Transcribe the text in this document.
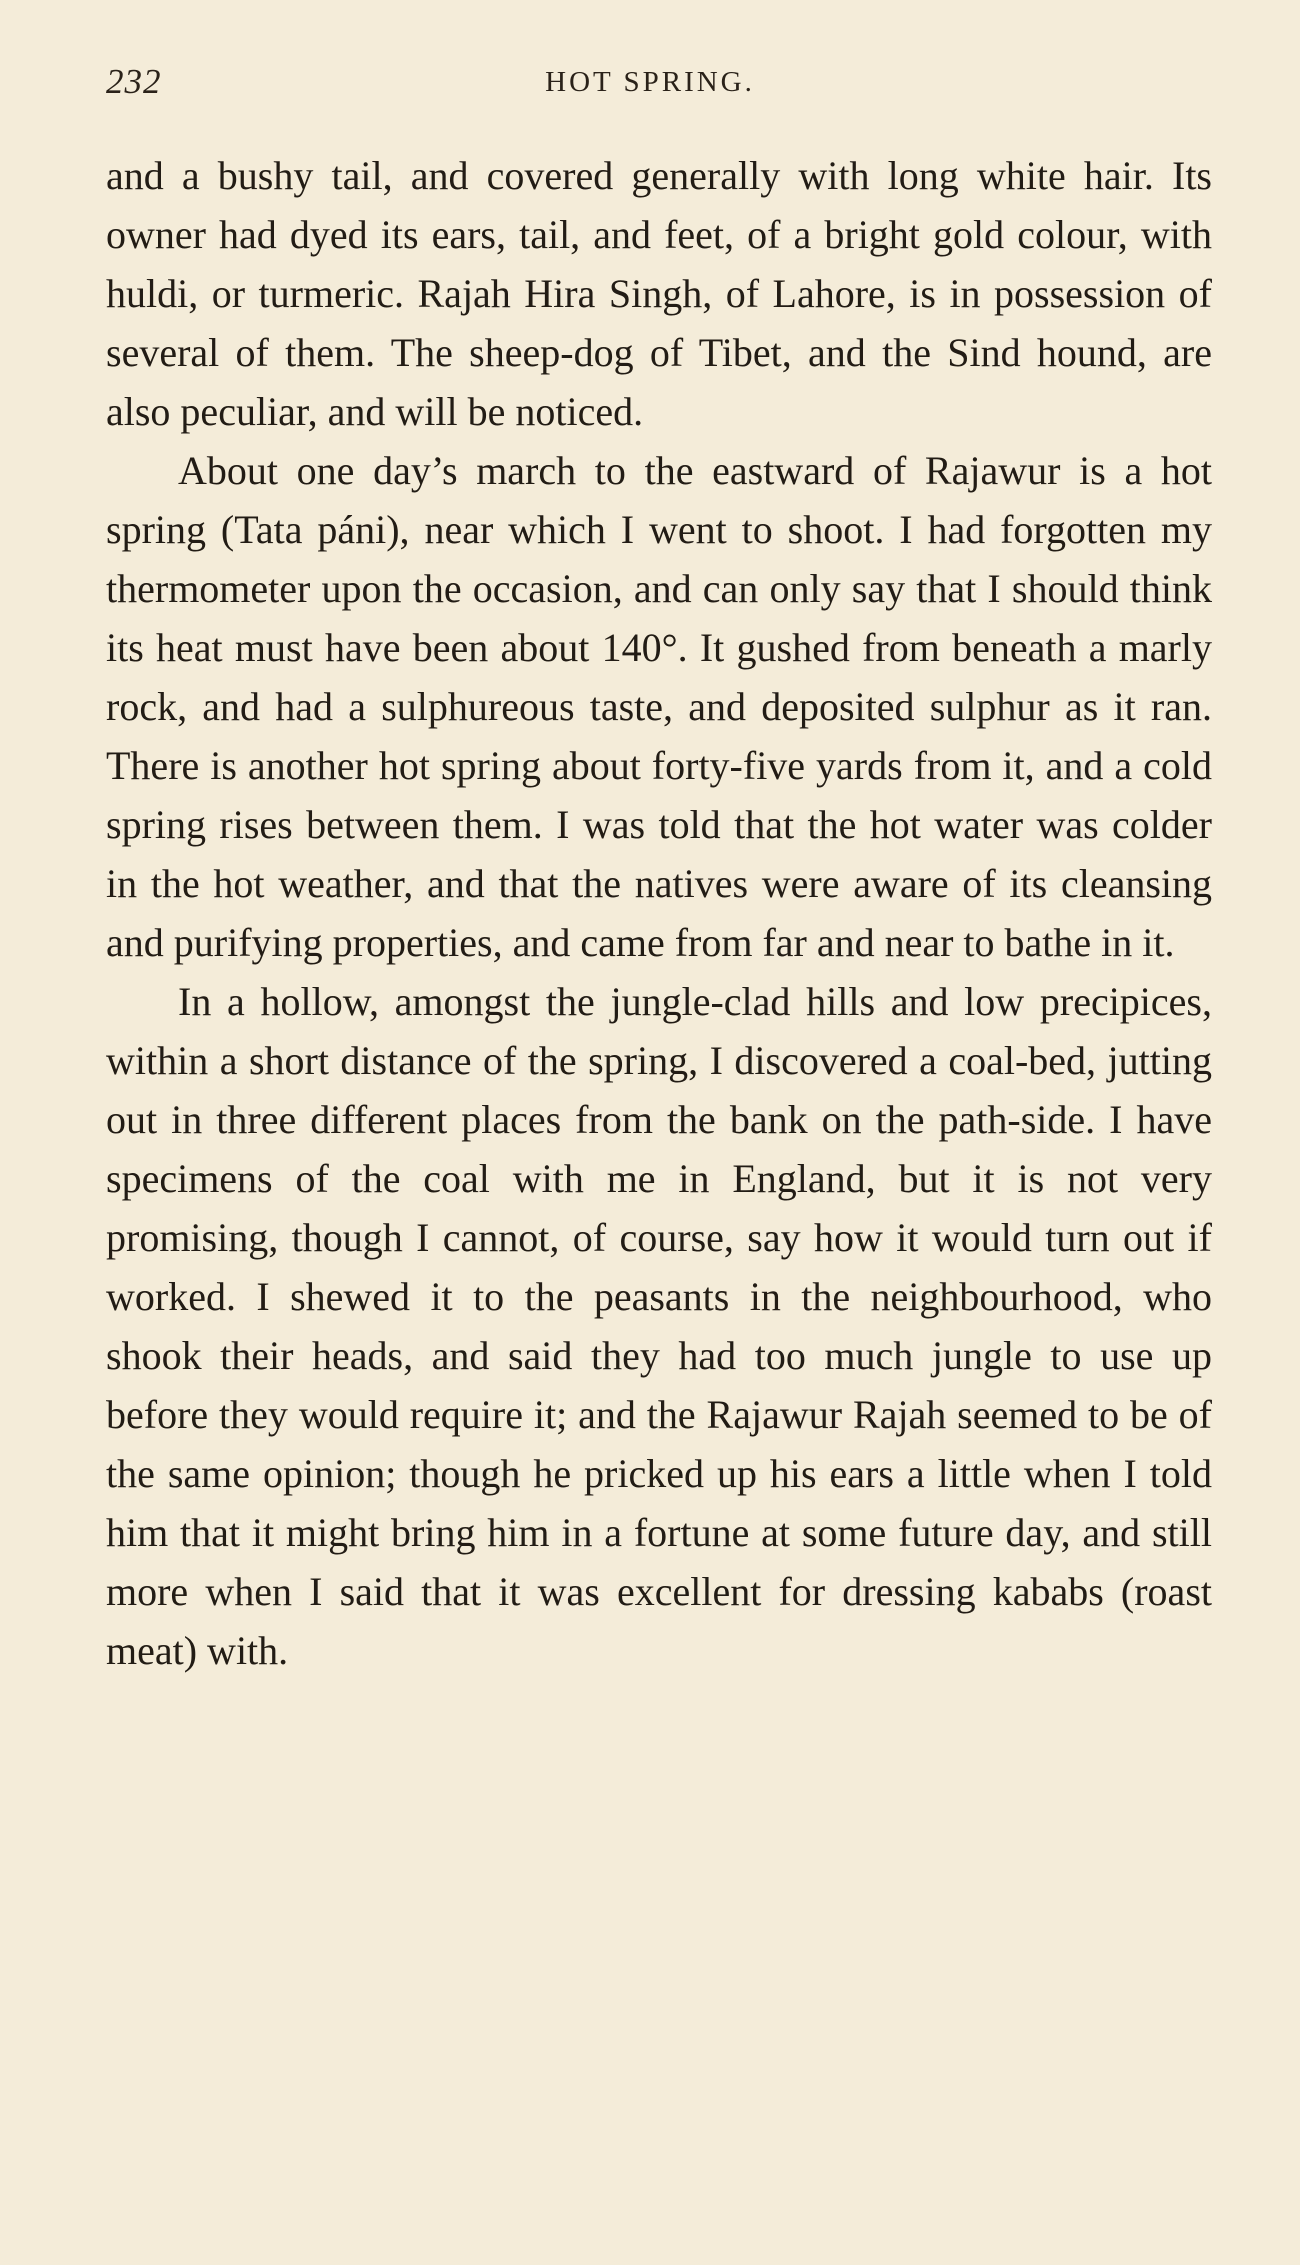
232	HOT SPRING.

and a bushy tail, and covered generally with long white hair. Its owner had dyed its ears, tail, and feet, of a bright gold colour, with huldi, or turmeric. Rajah Hira Singh, of Lahore, is in possession of several of them. The sheep-dog of Tibet, and the Sind hound, are also peculiar, and will be noticed.

About one day’s march to the eastward of Rajawur is a hot spring (Tata páni), near which I went to shoot. I had forgotten my thermometer upon the occasion, and can only say that I should think its heat must have been about 140°. It gushed from beneath a marly rock, and had a sulphureous taste, and deposited sulphur as it ran. There is another hot spring about forty-five yards from it, and a cold spring rises between them. I was told that the hot water was colder in the hot weather, and that the natives were aware of its cleansing and purifying properties, and came from far and near to bathe in it.

In a hollow, amongst the jungle-clad hills and low precipices, within a short distance of the spring, I discovered a coal-bed, jutting out in three different places from the bank on the path-side. I have specimens of the coal with me in England, but it is not very promising, though I cannot, of course, say how it would turn out if worked. I shewed it to the peasants in the neighbourhood, who shook their heads, and said they had too much jungle to use up before they would require it; and the Rajawur Rajah seemed to be of the same opinion; though he pricked up his ears a little when I told him that it might bring him in a fortune at some future day, and still more when I said that it was excellent for dressing kababs (roast meat) with.
